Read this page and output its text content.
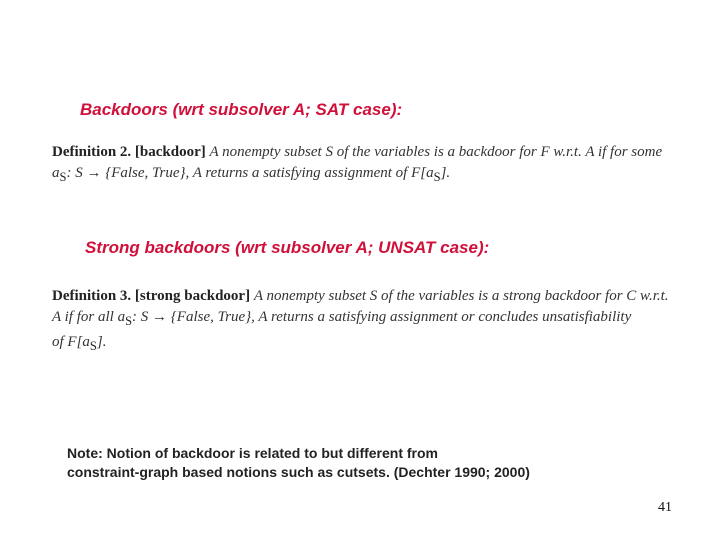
Backdoors (wrt subsolver A; SAT case):
Definition 2. [backdoor] A nonempty subset S of the variables is a backdoor for F w.r.t. A if for some
$a_S$: S → {False, True}, A returns a satisfying assignment of $F[a_S]$.
Strong backdoors (wrt subsolver A; UNSAT case):
Definition 3. [strong backdoor] A nonempty subset S of the variables is a strong backdoor for C w.r.t.
A if for all $a_S$: S → {False, True}, A returns a satisfying assignment or concludes unsatisfiability
of $F[a_S]$.
Note: Notion of backdoor is related to but different from
constraint-graph based notions such as cutsets. (Dechter 1990; 2000)
41
